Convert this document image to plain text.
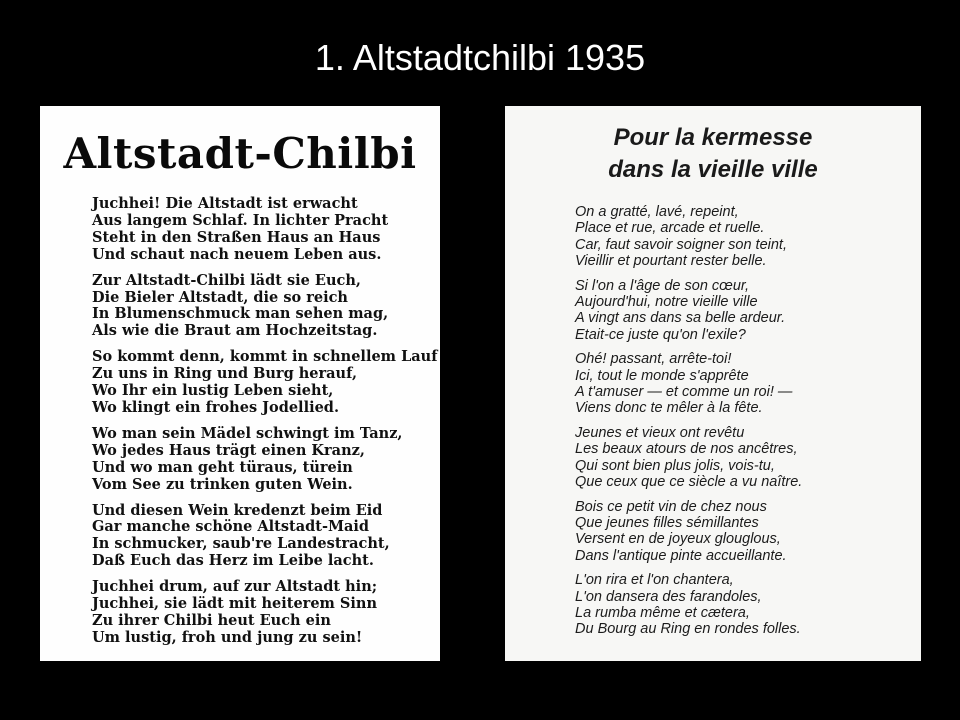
1. Altstadtchilbi 1935
Altstadt-Chilbi
Juchhei! Die Altstadt ist erwacht
Aus langem Schlaf. In lichter Pracht
Steht in den Straßen Haus an Haus
Und schaut nach neuem Leben aus.
Zur Altstadt-Chilbi lädt sie Euch,
Die Bieler Altstadt, die so reich
In Blumenschmuck man sehen mag,
Als wie die Braut am Hochzeitstag.
So kommt denn, kommt in schnellem Lauf
Zu uns in Ring und Burg herauf,
Wo Ihr ein lustig Leben sieht,
Wo klingt ein frohes Jodellied.
Wo man sein Mädel schwingt im Tanz,
Wo jedes Haus trägt einen Kranz,
Und wo man geht türaus, türein
Vom See zu trinken guten Wein.
Und diesen Wein kredenzt beim Eid
Gar manche schöne Altstadt-Maid
In schmucker, saub're Landestracht,
Daß Euch das Herz im Leibe lacht.
Juchhei drum, auf zur Altstadt hin;
Juchhei, sie lädt mit heiterem Sinn
Zu ihrer Chilbi heut Euch ein
Um lustig, froh und jung zu sein!
Pour la kermesse
dans la vieille ville
On a gratté, lavé, repeint,
Place et rue, arcade et ruelle.
Car, faut savoir soigner son teint,
Vieillir et pourtant rester belle.
Si l'on a l'âge de son cœur,
Aujourd'hui, notre vieille ville
A vingt ans dans sa belle ardeur.
Etait-ce juste qu'on l'exile?
Ohé! passant, arrête-toi!
Ici, tout le monde s'apprête
A t'amuser — et comme un roi! —
Viens donc te mêler à la fête.
Jeunes et vieux ont revêtu
Les beaux atours de nos ancêtres,
Qui sont bien plus jolis, vois-tu,
Que ceux que ce siècle a vu naître.
Bois ce petit vin de chez nous
Que jeunes filles sémillantes
Versent en de joyeux glouglous,
Dans l'antique pinte accueillante.
L'on rira et l'on chantera,
L'on dansera des farandoles,
La rumba même et cætera,
Du Bourg au Ring en rondes folles.
